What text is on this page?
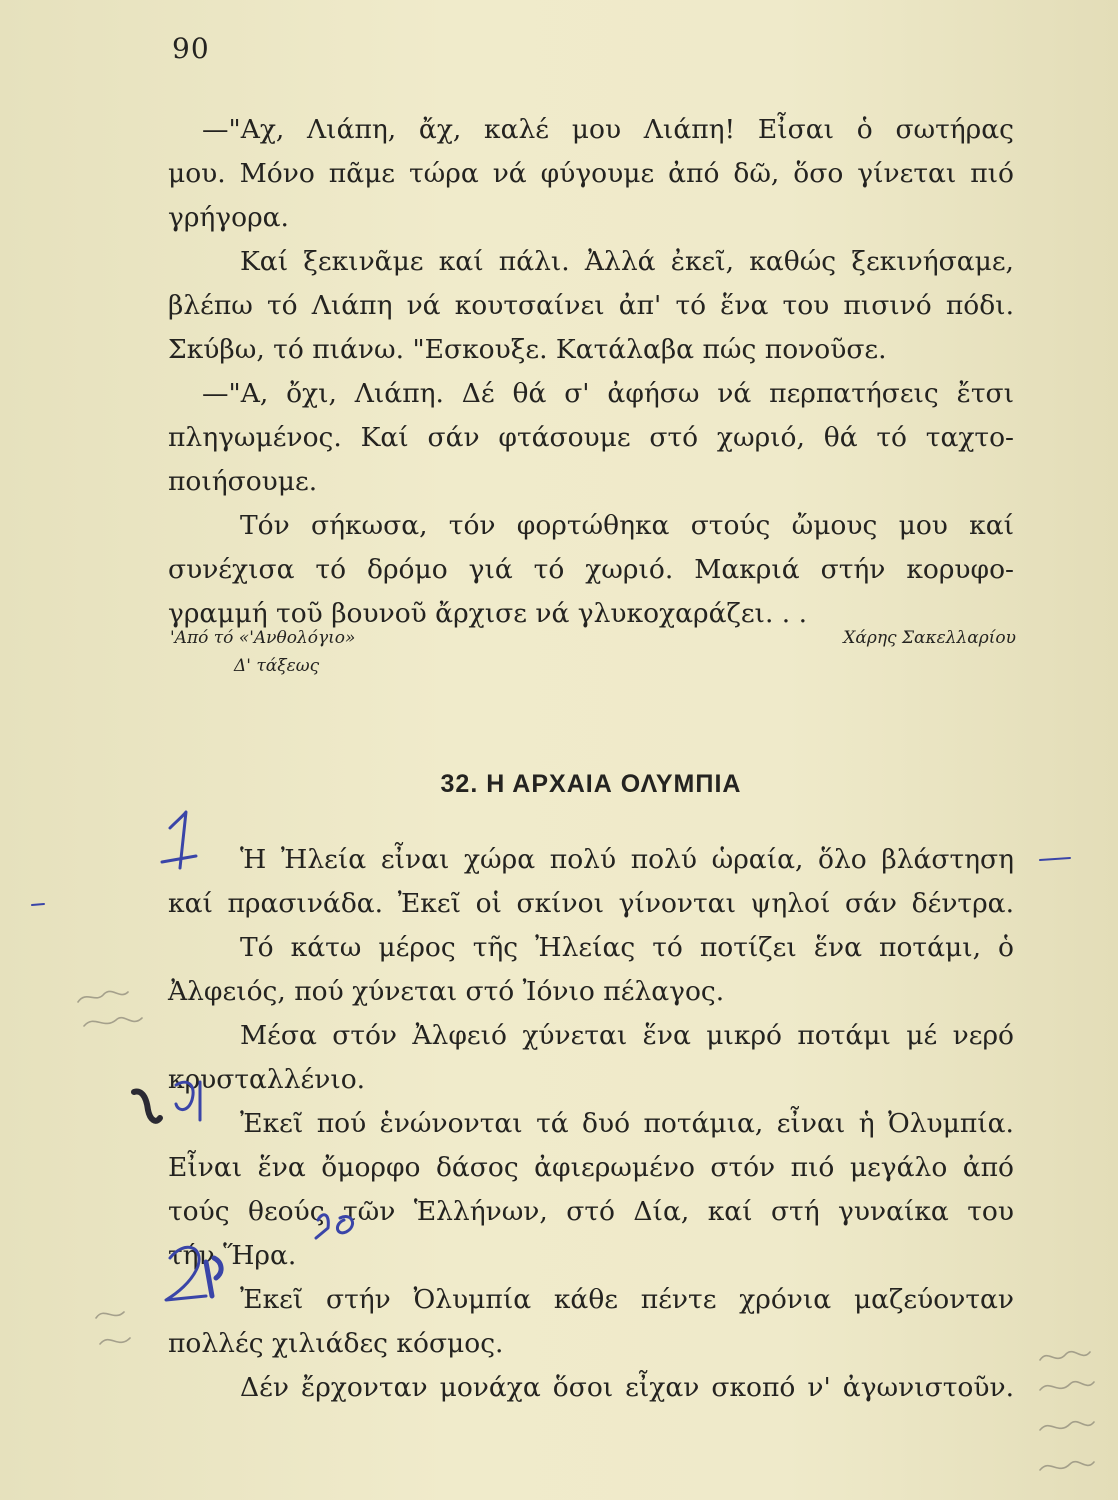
90
—"Αχ, Λιάπη, ἄχ, καλέ μου Λιάπη! Εἶσαι ὁ σωτήρας
μου. Μόνο πᾶμε τώρα νά φύγουμε ἀπό δῶ, ὅσο γίνεται πιό
γρήγορα.
Καί ξεκινᾶμε καί πάλι. Ἀλλά ἐκεῖ, καθώς ξεκινήσαμε,
βλέπω τό Λιάπη νά κουτσαίνει ἀπ' τό ἕνα του πισινό πόδι.
Σκύβω, τό πιάνω. "Εσκουξε. Κατάλαβα πώς πονοῦσε.
—"Α, ὄχι, Λιάπη. Δέ θά σ' ἀφήσω νά περπατήσεις ἔτσι
πληγωμένος. Καί σάν φτάσουμε στό χωριό, θά τό ταχτο-
ποιήσουμε.
Τόν σήκωσα, τόν φορτώθηκα στούς ὤμους μου καί
συνέχισα τό δρόμο γιά τό χωριό. Μακριά στήν κορυφο-
γραμμή τοῦ βουνοῦ ἄρχισε νά γλυκοχαράζει. . .
'Από τό «'Ανθολόγιο»
Δ' τάξεως
Χάρης Σακελλαρίου
32. Η ΑΡΧΑΙΑ ΟΛΥΜΠΙΑ
Ἡ Ἠλεία εἶναι χώρα πολύ πολύ ὡραία, ὅλο βλάστηση
καί πρασινάδα. Ἐκεῖ οἱ σκίνοι γίνονται ψηλοί σάν δέντρα.
Τό κάτω μέρος τῆς Ἠλείας τό ποτίζει ἕνα ποτάμι, ὁ
Ἀλφειός, πού χύνεται στό Ἰόνιο πέλαγος.
Μέσα στόν Ἀλφειό χύνεται ἕνα μικρό ποτάμι μέ νερό
κρυσταλλένιο.
Ἐκεῖ πού ἑνώνονται τά δυό ποτάμια, εἶναι ἡ Ὀλυμπία.
Εἶναι ἕνα ὄμορφο δάσος ἀφιερωμένο στόν πιό μεγάλο ἀπό
τούς θεούς τῶν Ἑλλήνων, στό Δία, καί στή γυναίκα του
τήν Ἥρα.
Ἐκεῖ στήν Ὀλυμπία κάθε πέντε χρόνια μαζεύονταν
πολλές χιλιάδες κόσμος.
Δέν ἔρχονταν μονάχα ὅσοι εἶχαν σκοπό ν' ἀγωνιστοῦν.
